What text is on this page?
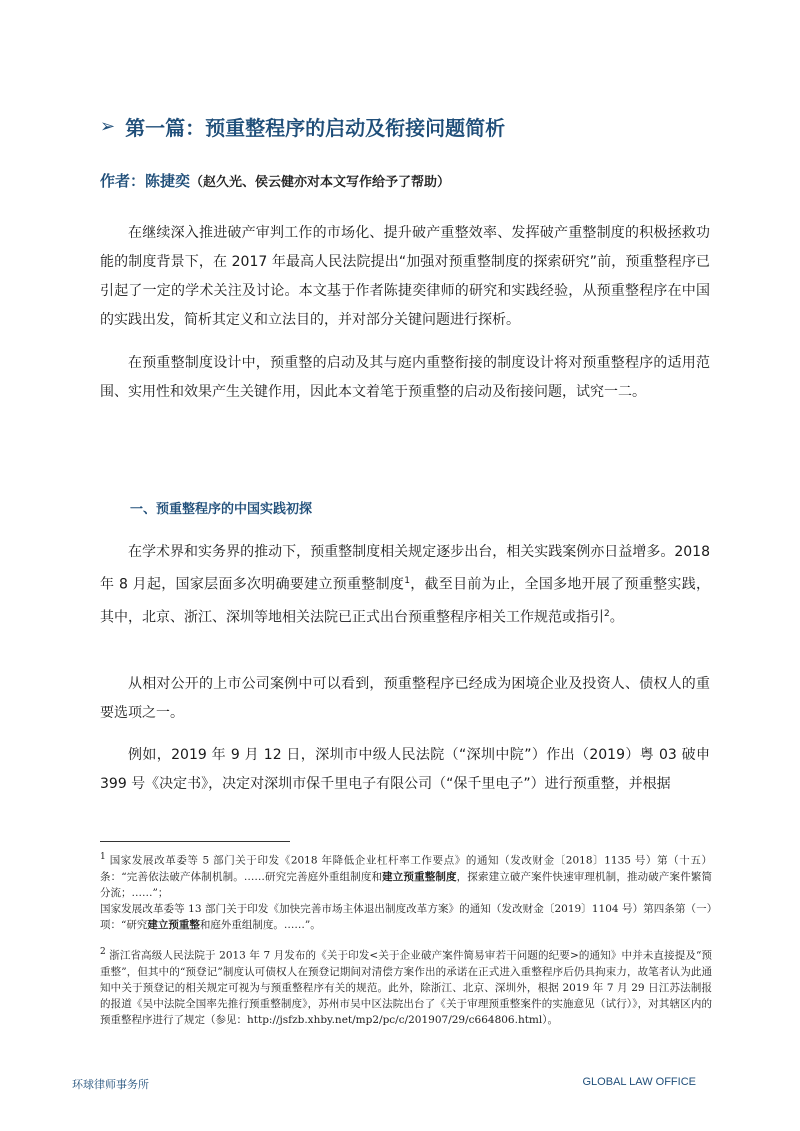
➢ 第一篇：预重整程序的启动及衔接问题简析
作者：陈捷奕（赵久光、侯云健亦对本文写作给予了帮助）

在继续深入推进破产审判工作的市场化、提升破产重整效率、发挥破产重整制度的积极拯救功能的制度背景下，在 2017 年最高人民法院提出“加强对预重整制度的探索研究”前，预重整程序已引起了一定的学术关注及讨论。本文基于作者陈捷奕律师的研究和实践经验，从预重整程序在中国的实践出发，简析其定义和立法目的，并对部分关键问题进行探析。

在预重整制度设计中，预重整的启动及其与庭内重整衔接的制度设计将对预重整程序的适用范围、实用性和效果产生关键作用，因此本文着笔于预重整的启动及衔接问题，试究一二。

一、预重整程序的中国实践初探

在学术界和实务界的推动下，预重整制度相关规定逐步出台，相关实践案例亦日益增多。2018 年 8 月起，国家层面多次明确要建立预重整制度$^1$，截至目前为止，全国多地开展了预重整实践，其中，北京、浙江、深圳等地相关法院已正式出台预重整程序相关工作规范或指引$^2$。

从相对公开的上市公司案例中可以看到，预重整程序已经成为困境企业及投资人、债权人的重要选项之一。

例如，2019 年 9 月 12 日，深圳市中级人民法院（“深圳中院”）作出（2019）粤 03 破申 399 号《决定书》，决定对深圳市保千里电子有限公司（“保千里电子”）进行预重整，并根据

$^1$ 国家发展改革委等 5 部门关于印发《2018 年降低企业杠杆率工作要点》的通知（发改财金〔2018〕1135 号）第（十五）条：“完善依法破产体制机制。……研究完善庭外重组制度和建立预重整制度，探索建立破产案件快速审理机制，推动破产案件繁简分流；……”；
国家发展改革委等 13 部门关于印发《加快完善市场主体退出制度改革方案》的通知（发改财金〔2019〕1104 号）第四条第（一）项：“研究建立预重整和庭外重组制度。……”。

$^2$ 浙江省高级人民法院于 2013 年 7 月发布的《关于印发<关于企业破产案件简易审若干问题的纪要>的通知》中并未直接提及“预重整”，但其中的“预登记”制度认可债权人在预登记期间对清偿方案作出的承诺在正式进入重整程序后仍具拘束力，故笔者认为此通知中关于预登记的相关规定可视为与预重整程序有关的规范。此外，除浙江、北京、深圳外，根据 2019 年 7 月 29 日江苏法制报的报道《吴中法院全国率先推行预重整制度》，苏州市吴中区法院出台了《关于审理预重整案件的实施意见（试行）》，对其辖区内的预重整程序进行了规定（参见：http://jsfzb.xhby.net/mp2/pc/c/201907/29/c664806.html）。

环球律师事务所	GLOBAL LAW OFFICE
